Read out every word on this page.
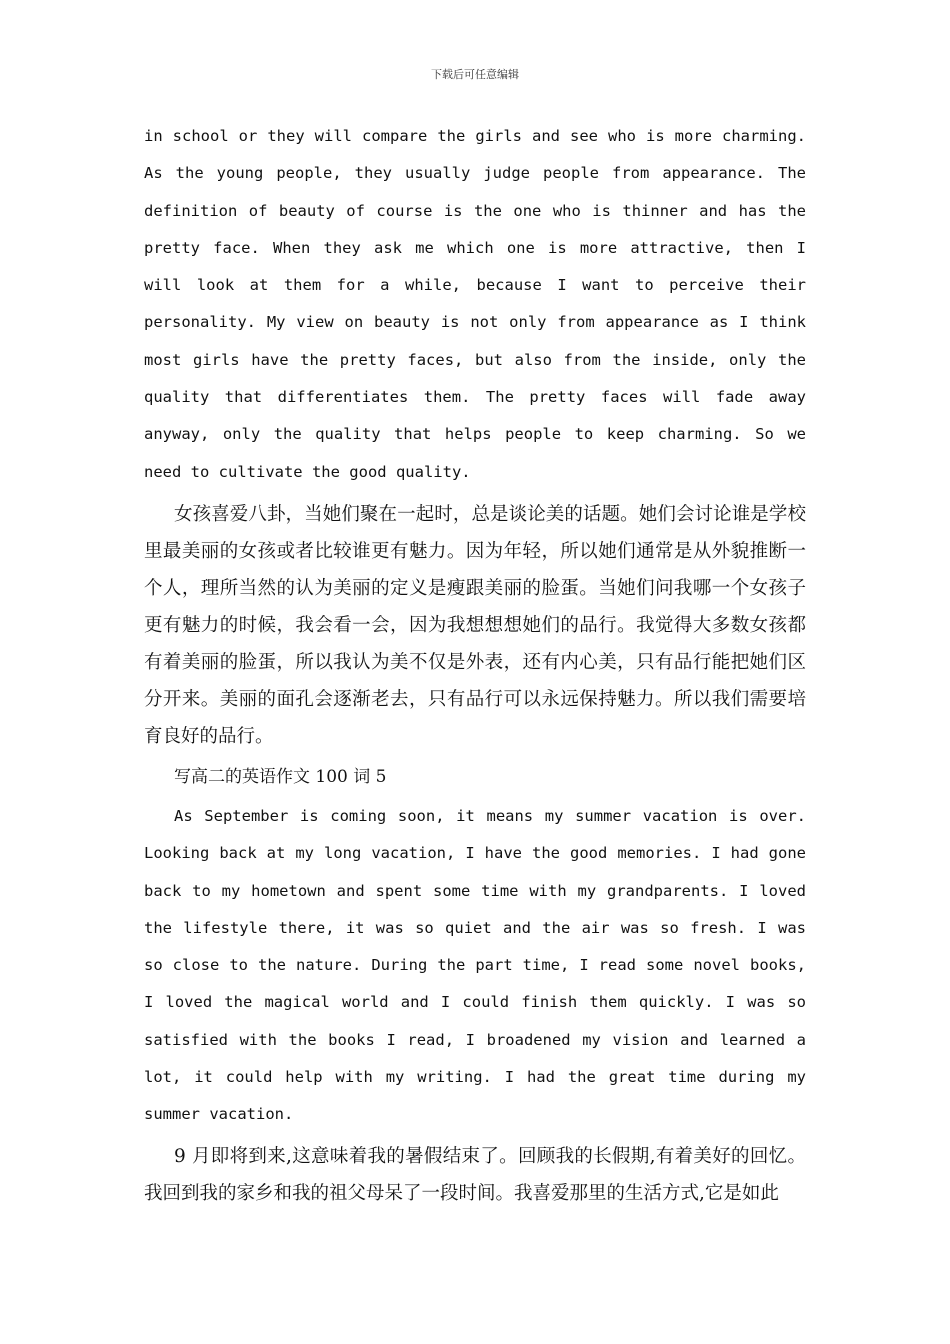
下载后可任意编辑

in school or they will compare the girls and see who is more charming. As the young people, they usually judge people from appearance. The definition of beauty of course is the one who is thinner and has the pretty face. When they ask me which one is more attractive, then I will look at them for a while, because I want to perceive their personality. My view on beauty is not only from appearance as I think most girls have the pretty faces, but also from the inside, only the quality that differentiates them. The pretty faces will fade away anyway, only the quality that helps people to keep charming. So we need to cultivate the good quality.

女孩喜爱八卦，当她们聚在一起时，总是谈论美的话题。她们会讨论谁是学校里最美丽的女孩或者比较谁更有魅力。因为年轻，所以她们通常是从外貌推断一个人，理所当然的认为美丽的定义是瘦跟美丽的脸蛋。当她们问我哪一个女孩子更有魅力的时候，我会看一会，因为我想想想她们的品行。我觉得大多数女孩都有着美丽的脸蛋，所以我认为美不仅是外表，还有内心美，只有品行能把她们区分开来。美丽的面孔会逐渐老去，只有品行可以永远保持魅力。所以我们需要培育良好的品行。

写高二的英语作文 100 词 5

As September is coming soon, it means my summer vacation is over. Looking back at my long vacation, I have the good memories. I had gone back to my hometown and spent some time with my grandparents. I loved the lifestyle there, it was so quiet and the air was so fresh. I was so close to the nature. During the part time, I read some novel books, I loved the magical world and I could finish them quickly. I was so satisfied with the books I read, I broadened my vision and learned a lot, it could help with my writing. I had the great time during my summer vacation.

9 月即将到来,这意味着我的暑假结束了。回顾我的长假期,有着美好的回忆。我回到我的家乡和我的祖父母呆了一段时间。我喜爱那里的生活方式,它是如此
